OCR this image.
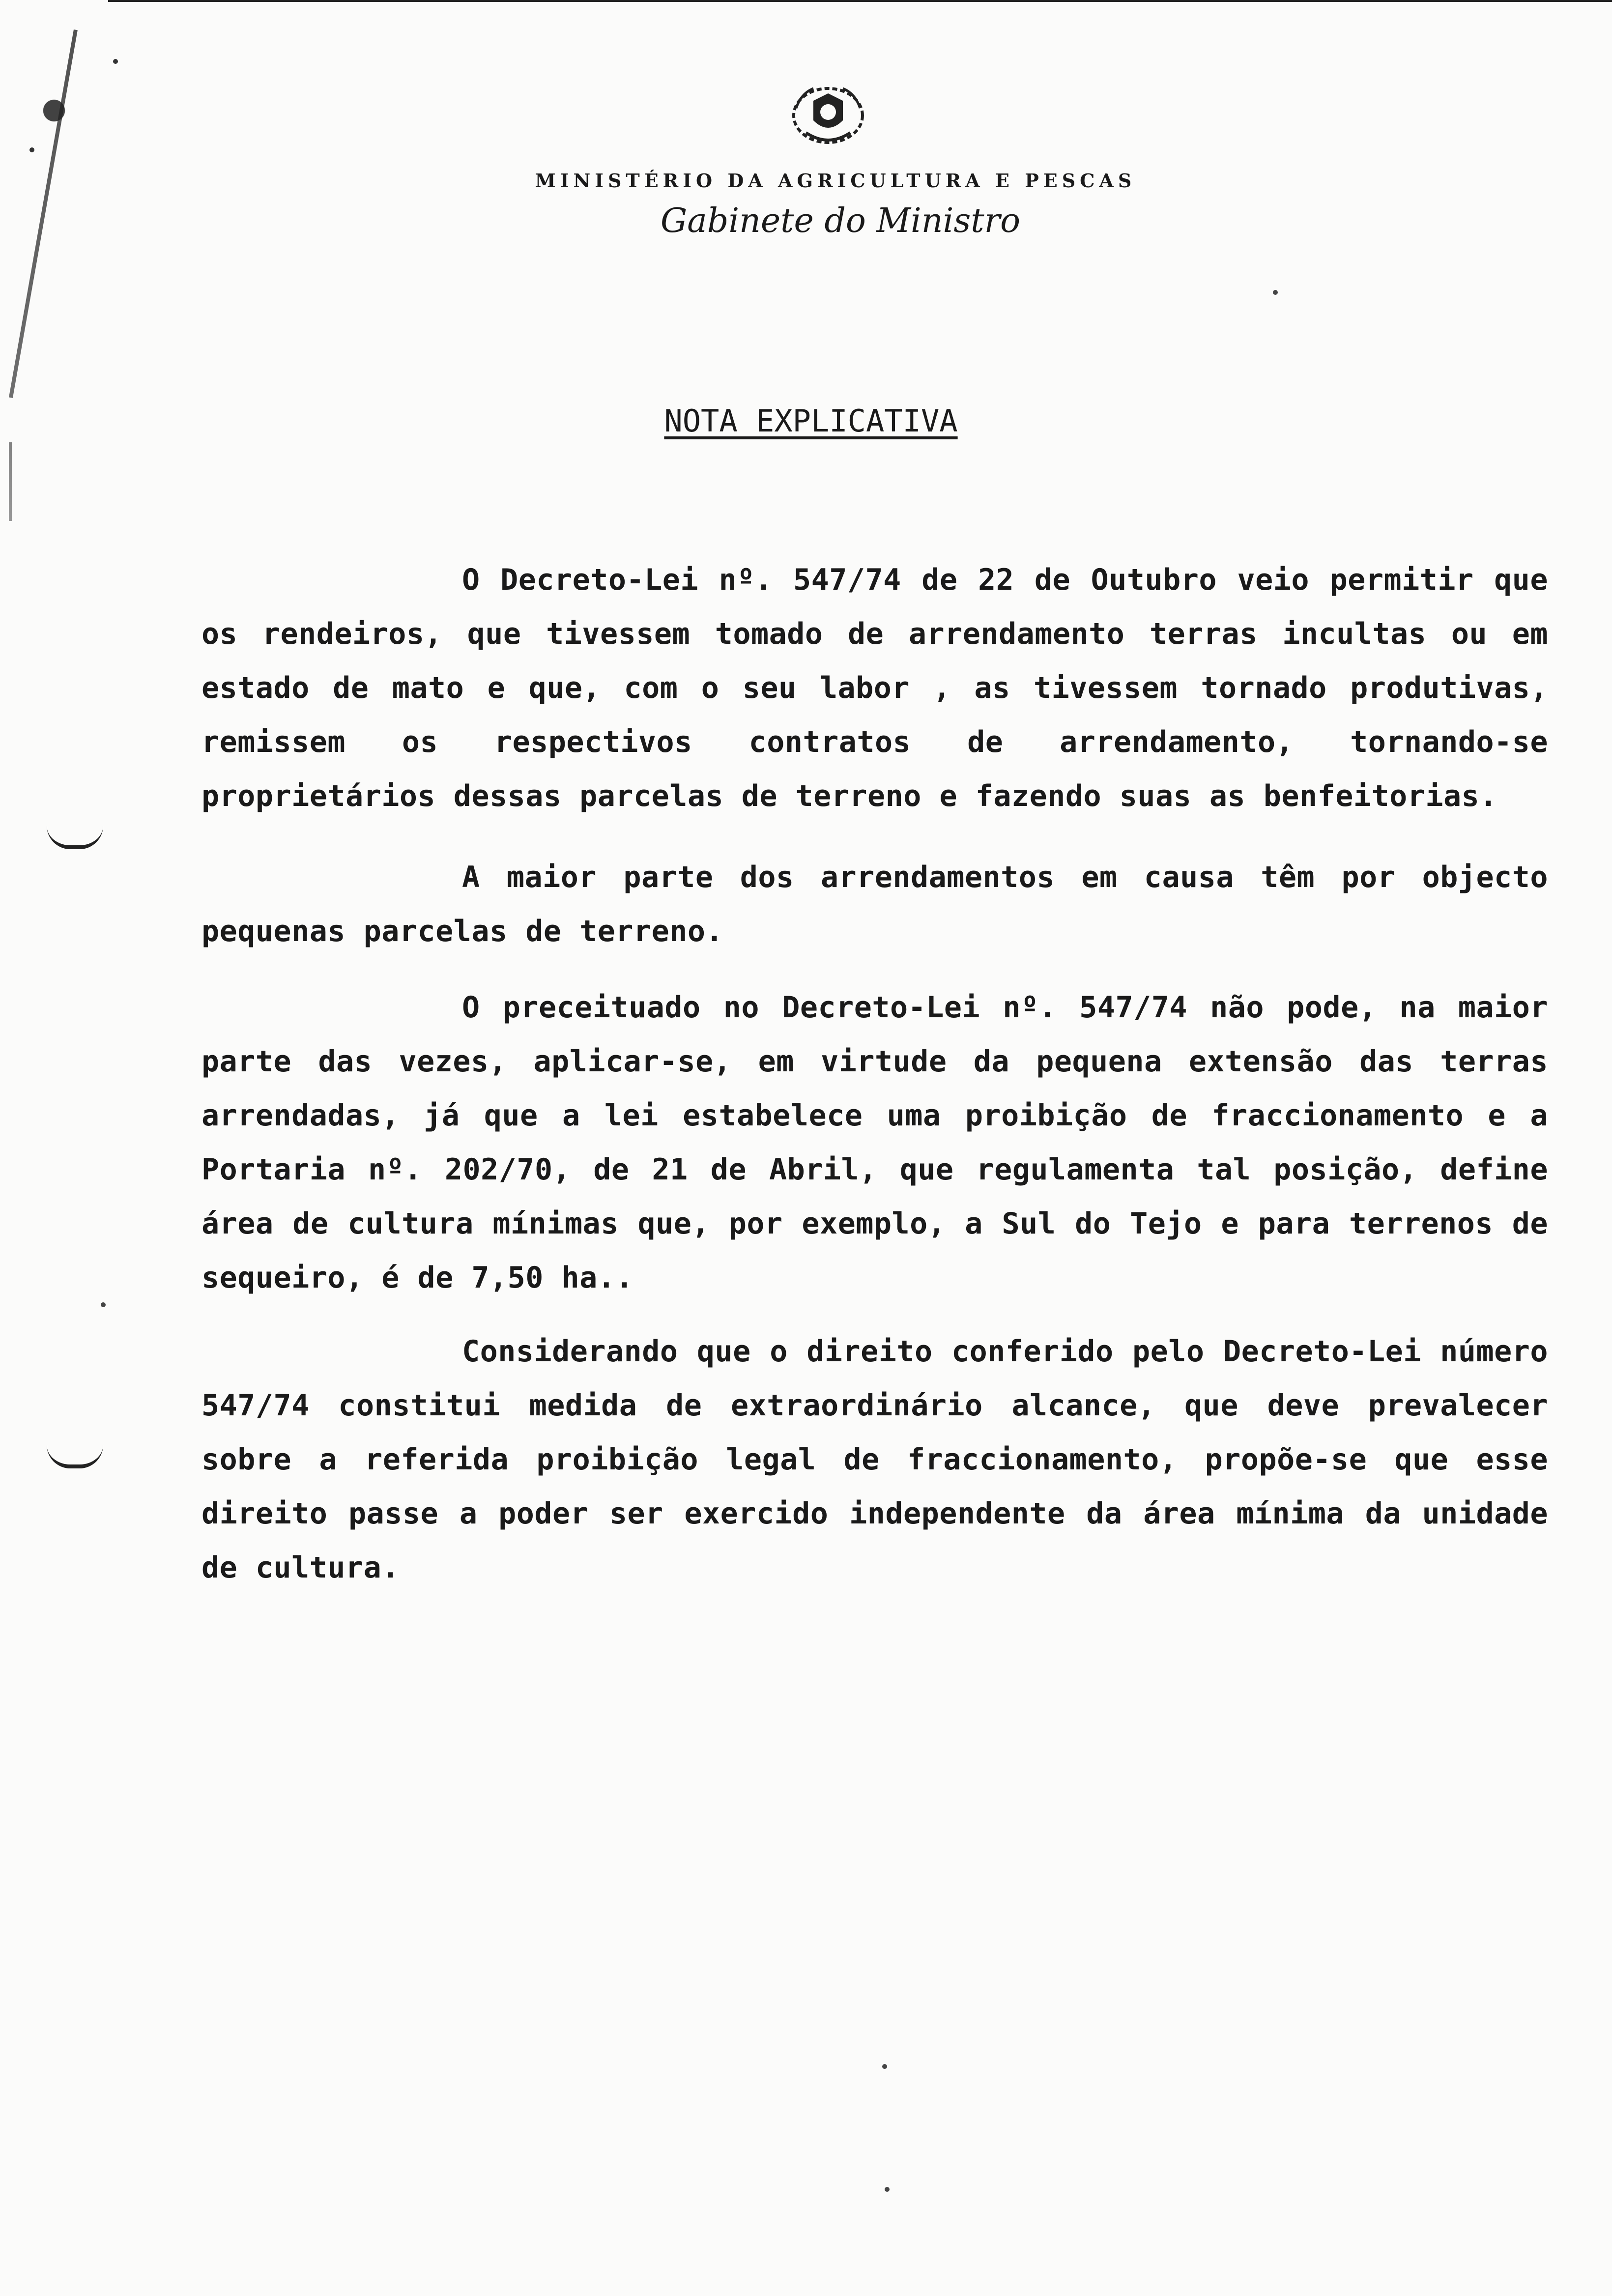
MINISTÉRIO DA AGRICULTURA E PESCAS
Gabinete do Ministro
NOTA EXPLICATIVA

O Decreto-Lei nº. 547/74 de 22 de Outubro veio permitir que os rendeiros, que tivessem tomado de arrendamento terras incultas ou em estado de mato e que, com o seu labor , as tivessem tornado produtivas, remissem os respectivos contratos de arrendamento, tornando-se proprietários dessas parcelas de terreno e fazendo suas as benfeitorias.

A maior parte dos arrendamentos em causa têm por objecto pequenas parcelas de terreno.

O preceituado no Decreto-Lei nº. 547/74 não pode, na maior parte das vezes, aplicar-se, em virtude da pequena extensão das terras arrendadas, já que a lei estabelece uma proibição de fraccionamento e a Portaria nº. 202/70, de 21 de Abril, que regulamenta tal posição, define área de cultura mínimas que, por exemplo, a Sul do Tejo e para terrenos de sequeiro, é de 7,50 ha..

Considerando que o direito conferido pelo Decreto-Lei número 547/74 constitui medida de extraordinário alcance, que deve prevalecer sobre a referida proibição legal de fraccionamento, propõe-se que esse direito passe a poder ser exercido independente da área mínima da unidade de cultura.
